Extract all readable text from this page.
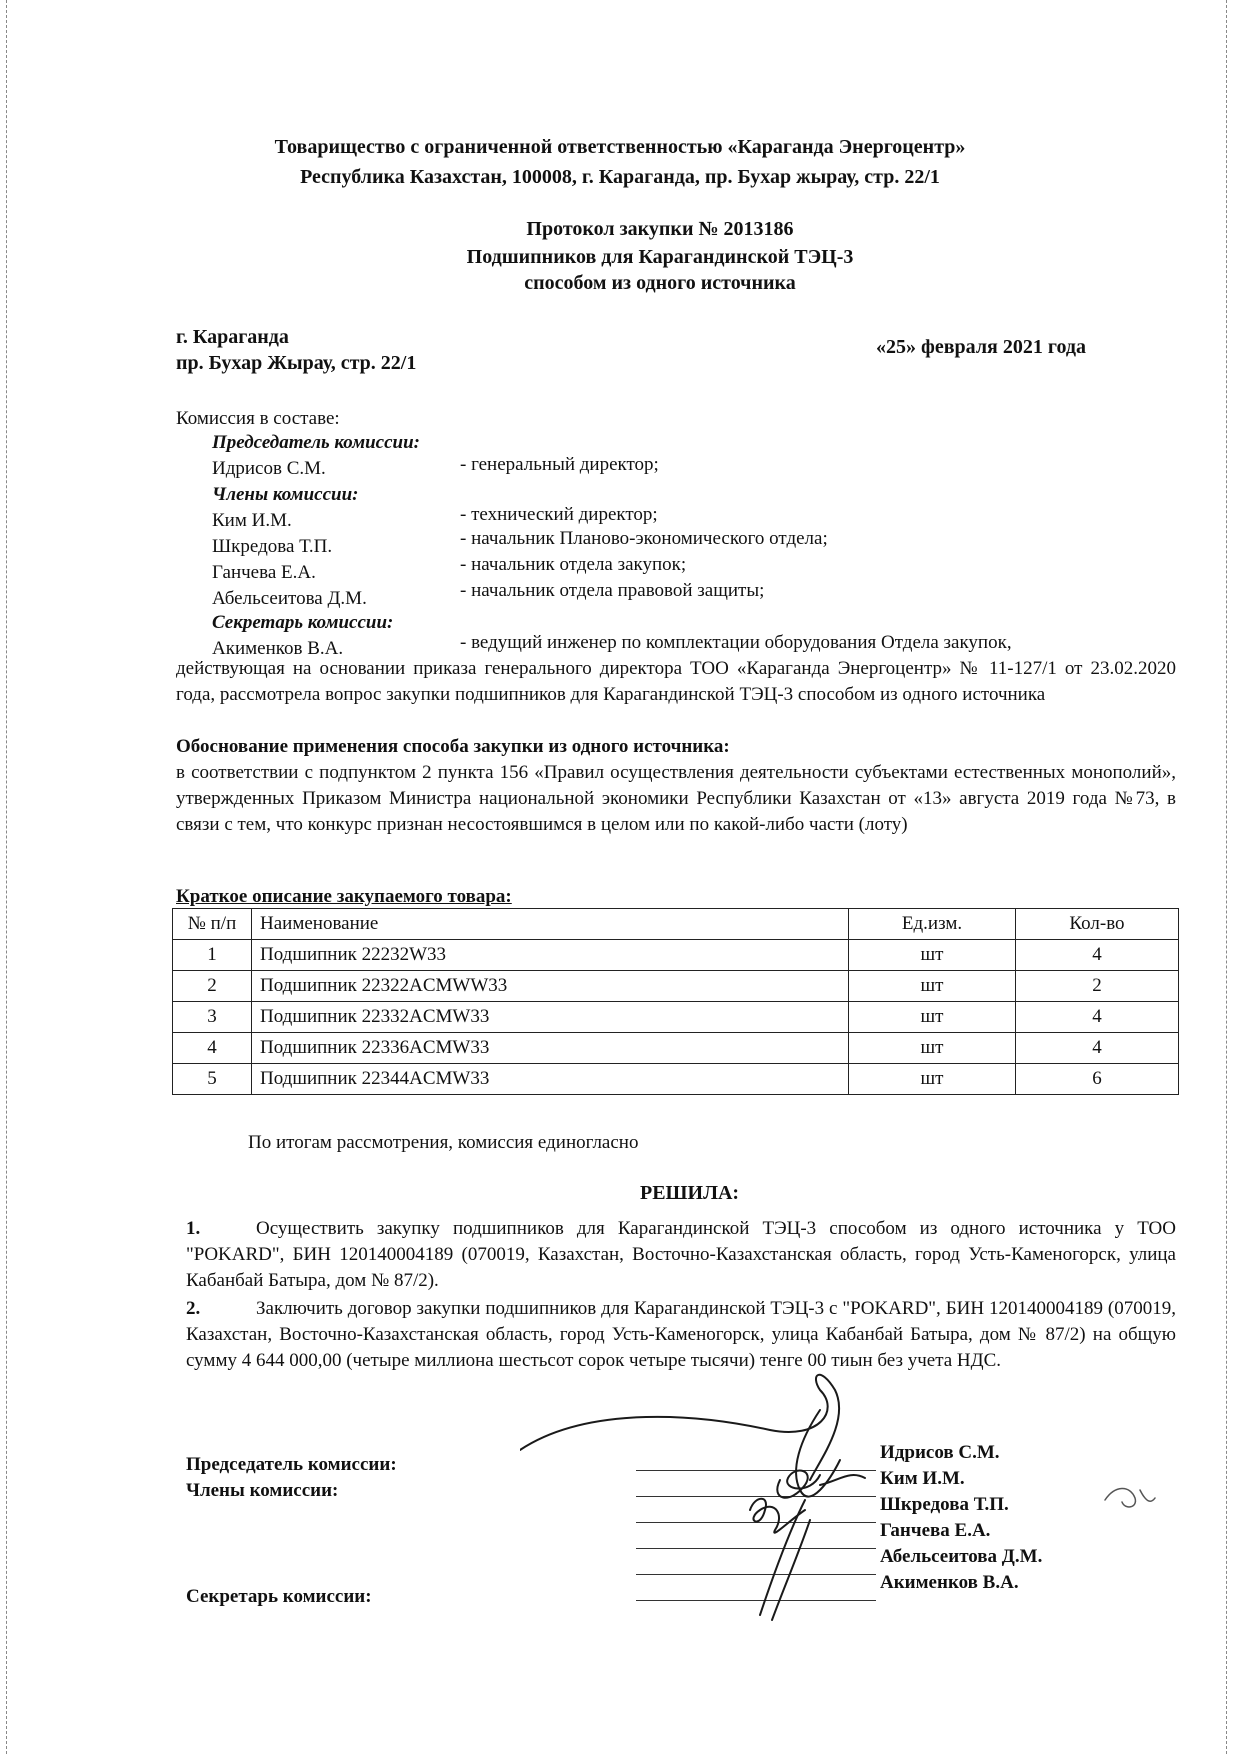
Товарищество с ограниченной ответственностью «Караганда Энергоцентр»
Республика Казахстан, 100008, г. Караганда, пр. Бухар жырау, стр. 22/1
Протокол закупки № 2013186
Подшипников для Карагандинской ТЭЦ-3
способом из одного источника
г. Караганда
пр. Бухар Жырау, стр. 22/1
«25» февраля 2021 года
Комиссия в составе:
Председатель комиссии:
Идрисов С.М.	- генеральный директор;
Члены комиссии:
Ким И.М.	- технический директор;
Шкредова Т.П.	- начальник Планово-экономического отдела;
Ганчева Е.А.	- начальник отдела закупок;
Абельсеитова Д.М.	- начальник отдела правовой защиты;
Секретарь комиссии:
Акименков В.А.	- ведущий инженер по комплектации оборудования Отдела закупок,
действующая на основании приказа генерального директора ТОО «Караганда Энергоцентр» № 11-127/1 от 23.02.2020 года, рассмотрела вопрос закупки подшипников для Карагандинской ТЭЦ-3 способом из одного источника
Обоснование применения способа закупки из одного источника:
в соответствии с подпунктом 2 пункта 156 «Правил осуществления деятельности субъектами естественных монополий», утвержденных Приказом Министра национальной экономики Республики Казахстан от «13» августа 2019 года №73, в связи с тем, что конкурс признан несостоявшимся в целом или по какой-либо части (лоту)
Краткое описание закупаемого товара:
№ п/п	Наименование	Ед.изм.	Кол-во
1	Подшипник 22232W33	шт	4
2	Подшипник 22322ACMWW33	шт	2
3	Подшипник 22332ACMW33	шт	4
4	Подшипник 22336ACMW33	шт	4
5	Подшипник 22344ACMW33	шт	6
По итогам рассмотрения, комиссия единогласно
РЕШИЛА:
1.	Осуществить закупку подшипников для Карагандинской ТЭЦ-3 способом из одного источника у ТОО "POKARD", БИН 120140004189 (070019, Казахстан, Восточно-Казахстанская область, город Усть-Каменогорск, улица Кабанбай Батыра, дом № 87/2).
2.	Заключить договор закупки подшипников для Карагандинской ТЭЦ-3 с "POKARD", БИН 120140004189 (070019, Казахстан, Восточно-Казахстанская область, город Усть-Каменогорск, улица Кабанбай Батыра, дом № 87/2) на общую сумму 4 644 000,00 (четыре миллиона шестьсот сорок четыре тысячи) тенге 00 тиын без учета НДС.
Председатель комиссии:
Члены комиссии:
Секретарь комиссии:
Идрисов С.М.
Ким И.М.
Шкредова Т.П.
Ганчева Е.А.
Абельсеитова Д.М.
Акименков В.А.
